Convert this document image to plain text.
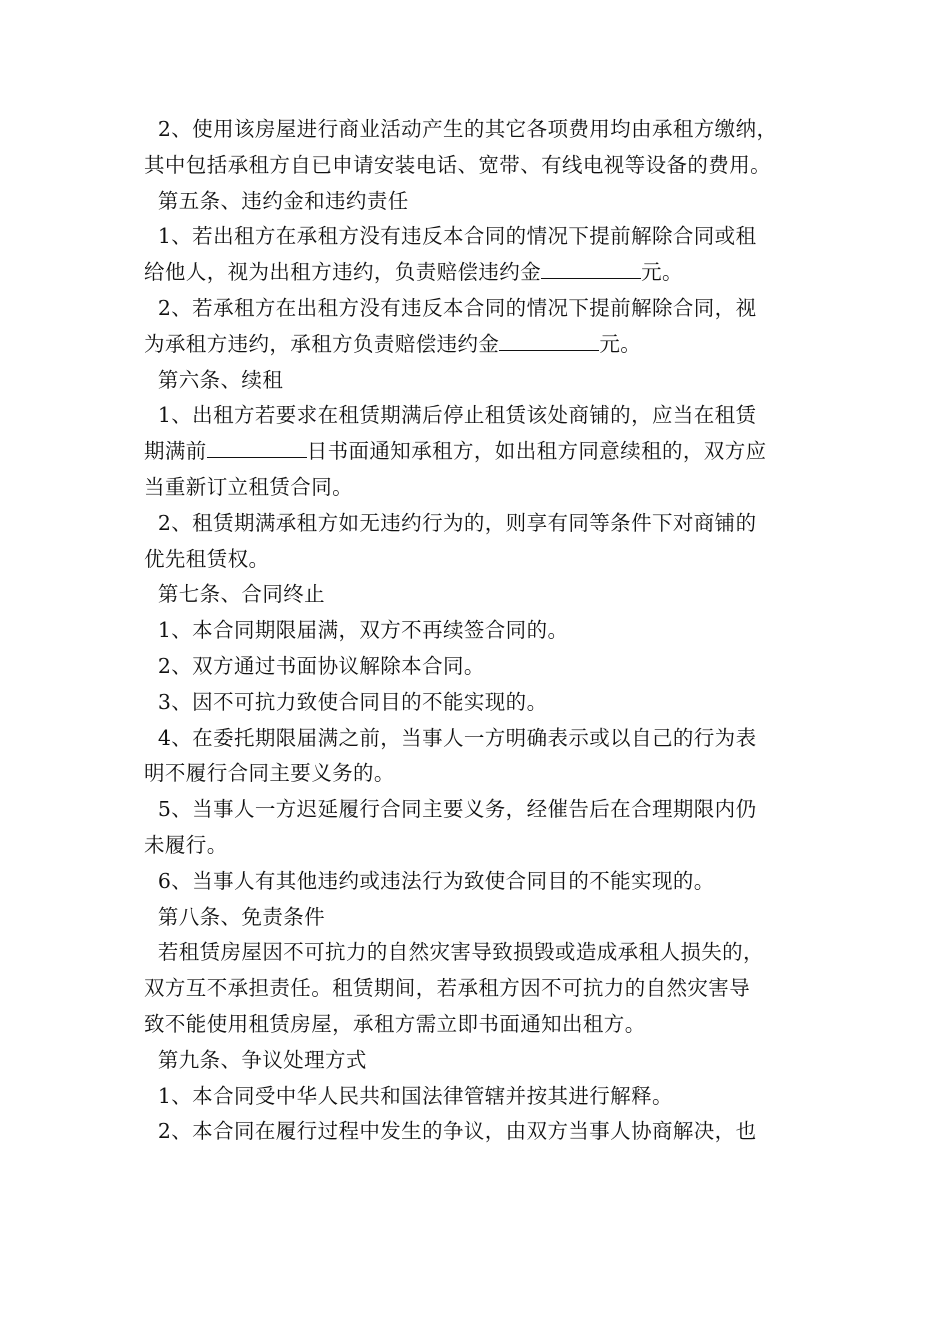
2、使用该房屋进行商业活动产生的其它各项费用均由承租方缴纳，
其中包括承租方自已申请安装电话、宽带、有线电视等设备的费用。
第五条、违约金和违约责任
1、若出租方在承租方没有违反本合同的情况下提前解除合同或租
给他人，视为出租方违约，负责赔偿违约金	元。
2、若承租方在出租方没有违反本合同的情况下提前解除合同，视
为承租方违约，承租方负责赔偿违约金	元。
第六条、续租
1、出租方若要求在租赁期满后停止租赁该处商铺的，应当在租赁
期满前	日书面通知承租方，如出租方同意续租的，双方应
当重新订立租赁合同。
2、租赁期满承租方如无违约行为的，则享有同等条件下对商铺的
优先租赁权。
第七条、合同终止
1、本合同期限届满，双方不再续签合同的。
2、双方通过书面协议解除本合同。
3、因不可抗力致使合同目的不能实现的。
4、在委托期限届满之前，当事人一方明确表示或以自己的行为表
明不履行合同主要义务的。
5、当事人一方迟延履行合同主要义务，经催告后在合理期限内仍
未履行。
6、当事人有其他违约或违法行为致使合同目的不能实现的。
第八条、免责条件
若租赁房屋因不可抗力的自然灾害导致损毁或造成承租人损失的，
双方互不承担责任。租赁期间，若承租方因不可抗力的自然灾害导
致不能使用租赁房屋，承租方需立即书面通知出租方。
第九条、争议处理方式
1、本合同受中华人民共和国法律管辖并按其进行解释。
2、本合同在履行过程中发生的争议，由双方当事人协商解决，也
